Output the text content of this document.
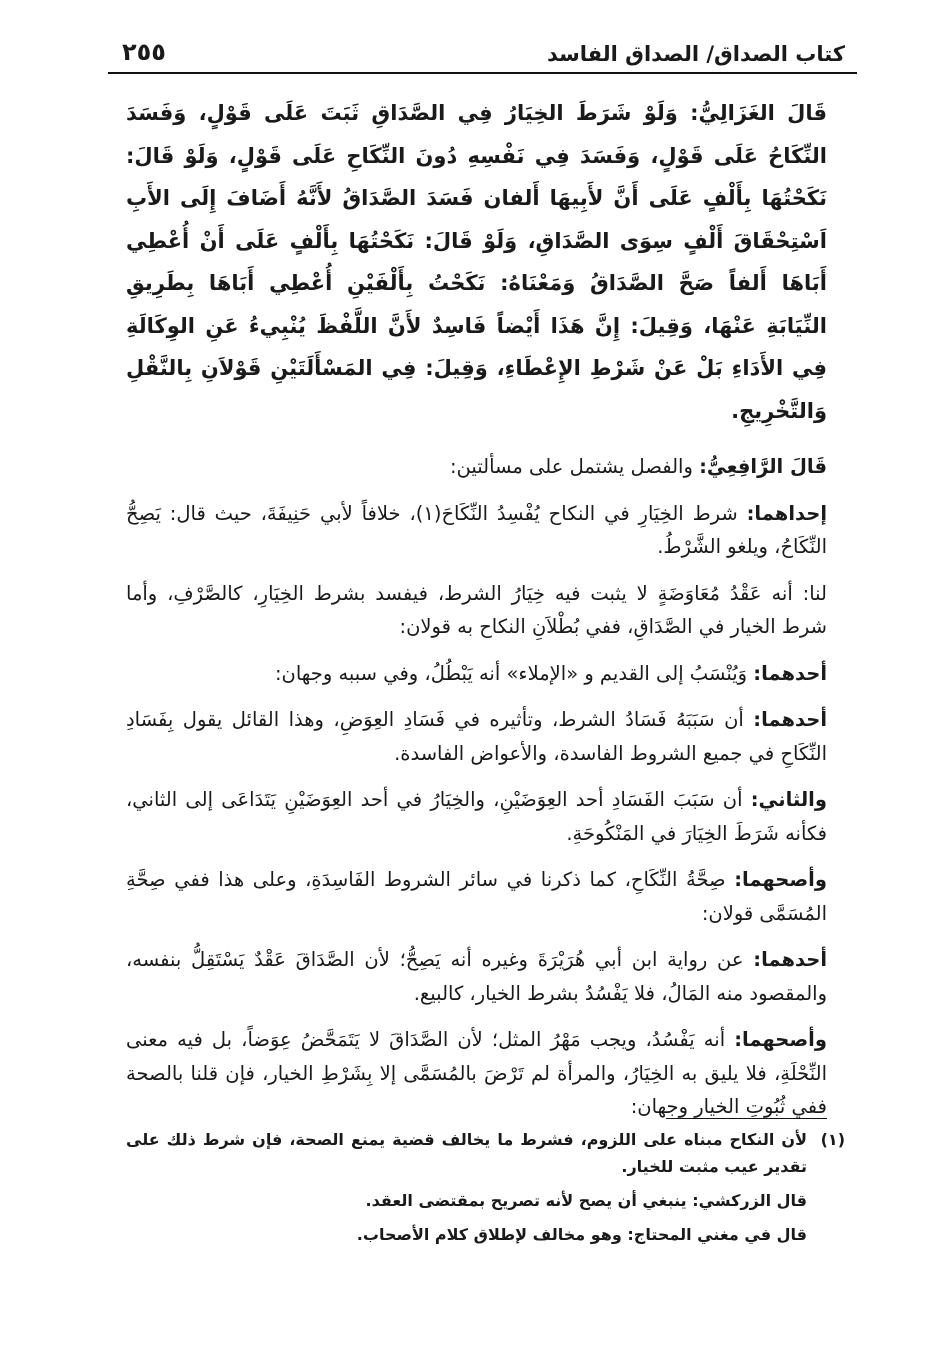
٢٥٥	كتاب الصداق/ الصداق الفاسد

قَالَ الغَزَالِيُّ: وَلَوْ شَرَطَ الخِيَارُ فِي الصَّدَاقِ ثَبَتَ عَلَى قَوْلٍ، وَفَسَدَ النِّكَاحُ عَلَى قَوْلٍ، وَفَسَدَ فِي نَفْسِهِ دُونَ النِّكَاحِ عَلَى قَوْلٍ، وَلَوْ قَالَ: نَكَحْتُهَا بِأَلْفٍ عَلَى أَنَّ لأَبِيهَا أَلفان فَسَدَ الصَّدَاقُ لأَنَّهُ أَضَافَ إِلَى الأَبِ اَسْتِحْقَاقَ أَلْفٍ سِوَى الصَّدَاقِ، وَلَوْ قَالَ: نَكَحْتُهَا بِأَلْفٍ عَلَى أَنْ أُعْطِي أَبَاهَا أَلفاً صَحَّ الصَّدَاقُ وَمَعْنَاهُ: نَكَحْتُ بِأَلْفَيْنِ أُعْطِي أَبَاهَا بِطَرِيقِ النِّيَابَةِ عَنْهَا، وَقِيلَ: إِنَّ هَذَا أَيْضاً فَاسِدٌ لأَنَّ اللَّفْظَ يُنْبِيءُ عَنِ الوِكَالَةِ فِي الأَدَاءِ بَلْ عَنْ شَرْطِ الإِعْطَاءِ، وَقِيلَ: فِي المَسْأَلَتَيْنِ قَوْلاَنِ بِالنَّقْلِ وَالتَّخْرِيجِ.

قَالَ الرَّافِعِيُّ: والفصل يشتمل على مسألتين:

إحداهما: شرط الخِيَارِ في النكاح يُفْسِدُ النِّكَاحَ(١)، خلافاً لأبي حَنِيفَةَ، حيث قال: يَصِحُّ النِّكَاحُ، ويلغو الشَّرْطُ.

لنا: أنه عَقْدُ مُعَاوَضَةٍ لا يثبت فيه خِيَارُ الشرط، فيفسد بشرط الخِيَارِ، كالصَّرْفِ، وأما شرط الخيار في الصَّدَاقِ، ففي بُطْلاَنِ النكاح به قولان:

أحدهما: وَيُنْسَبُ إلى القديم و «الإملاء» أنه يَبْطُلُ، وفي سببه وجهان:

أحدهما: أن سَبَبَهُ فَسَادُ الشرط، وتأثيره في فَسَادِ العِوَضِ، وهذا القائل يقول بِفَسَادِ النِّكَاحِ في جميع الشروط الفاسدة، والأعواض الفاسدة.

والثاني: أن سَبَبَ الفَسَادِ أحد العِوَضَيْنِ، والخِيَارُ في أحد العِوَضَيْنِ يَتَدَاعَى إلى الثاني، فكأنه شَرَطَ الخِيَارَ في المَنْكُوحَةِ.

وأصحهما: صِحَّةُ النِّكَاحِ، كما ذكرنا في سائر الشروط الفَاسِدَةِ، وعلى هذا ففي صِحَّةِ المُسَمَّى قولان:

أحدهما: عن رواية ابن أبي هُرَيْرَةَ وغيره أنه يَصِحُّ؛ لأن الصَّدَاقَ عَقْدٌ يَسْتَقِلُّ بنفسه، والمقصود منه المَالُ، فلا يَفْسُدُ بشرط الخيار، كالبيع.

وأصحهما: أنه يَفْسُدُ، ويجب مَهْرُ المثل؛ لأن الصَّدَاقَ لا يَتَمَحَّضُ عِوَضاً، بل فيه معنى النِّحْلَةِ، فلا يليق به الخِيَارُ، والمرأة لم تَرْضَ بالمُسَمَّى إلا بِشَرْطِ الخيار، فإن قلنا بالصحة ففي ثُبُوتِ الخيار وجهان:

(١)
لأن النكاح مبناه على اللزوم، فشرط ما يخالف قضية يمنع الصحة، فإن شرط ذلك على تقدير عيب مثبت للخيار.
قال الزركشي: ينبغي أن يصح لأنه تصريح بمقتضى العقد.
قال في مغني المحتاج: وهو مخالف لإطلاق كلام الأصحاب.
